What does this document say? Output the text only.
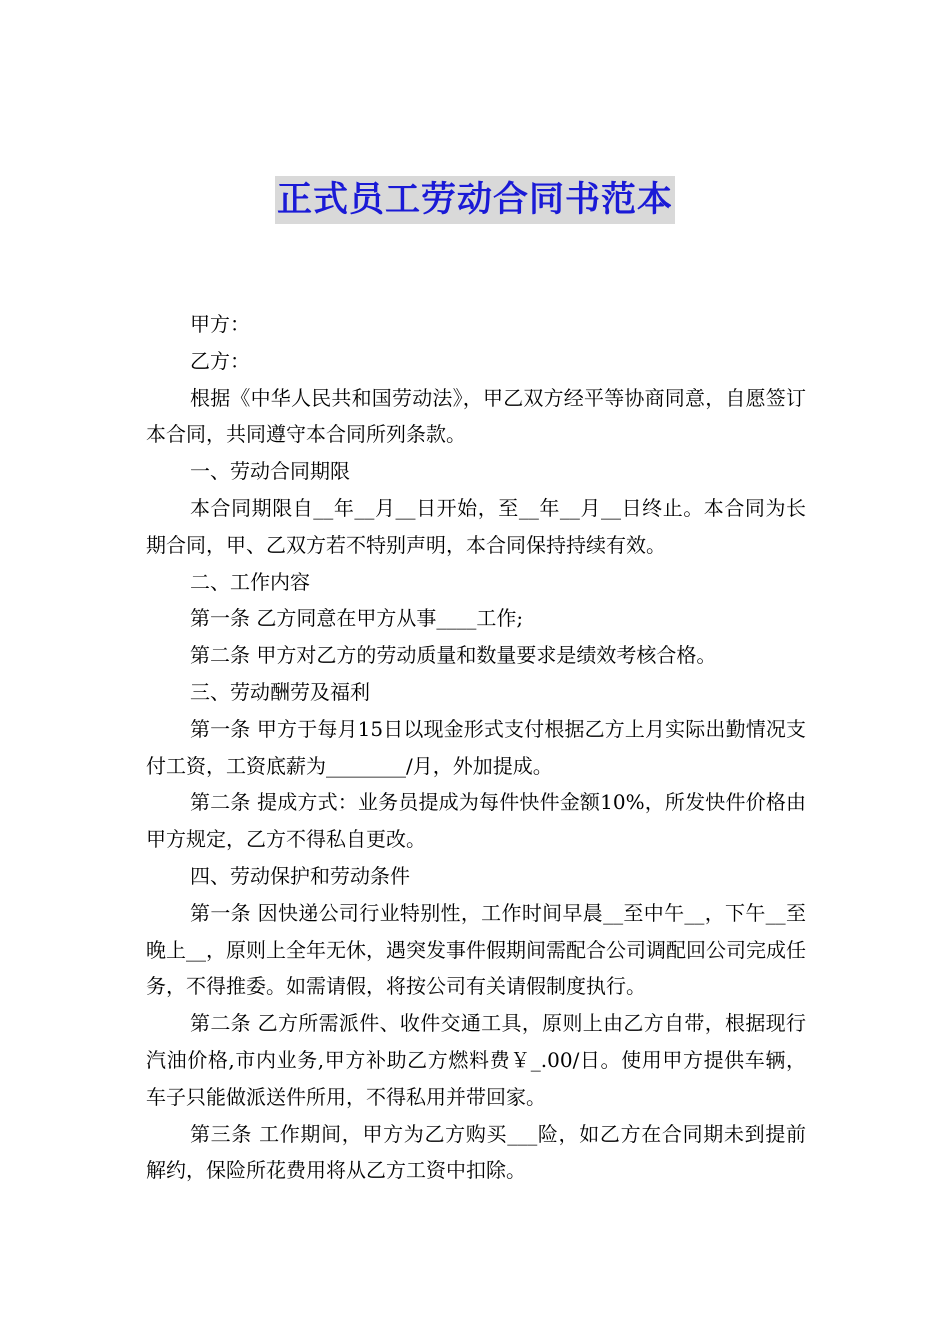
正式员工劳动合同书范本

甲方：

乙方：

根据《中华人民共和国劳动法》，甲乙双方经平等协商同意，自愿签订本合同，共同遵守本合同所列条款。

一、劳动合同期限

本合同期限自__年__月__日开始，至__年__月__日终止。本合同为长期合同，甲、乙双方若不特别声明，本合同保持持续有效。

二、工作内容

第一条 乙方同意在甲方从事____工作;

第二条 甲方对乙方的劳动质量和数量要求是绩效考核合格。

三、劳动酬劳及福利

第一条 甲方于每月15日以现金形式支付根据乙方上月实际出勤情况支付工资，工资底薪为________/月，外加提成。

第二条 提成方式：业务员提成为每件快件金额10%，所发快件价格由甲方规定，乙方不得私自更改。

四、劳动保护和劳动条件

第一条 因快递公司行业特别性，工作时间早晨__至中午__，下午__至晚上__，原则上全年无休，遇突发事件假期间需配合公司调配回公司完成任务，不得推委。如需请假，将按公司有关请假制度执行。

第二条 乙方所需派件、收件交通工具，原则上由乙方自带，根据现行汽油价格,市内业务,甲方补助乙方燃料费￥_.00/日。使用甲方提供车辆，车子只能做派送件所用，不得私用并带回家。

第三条 工作期间，甲方为乙方购买___险，如乙方在合同期未到提前解约，保险所花费用将从乙方工资中扣除。
